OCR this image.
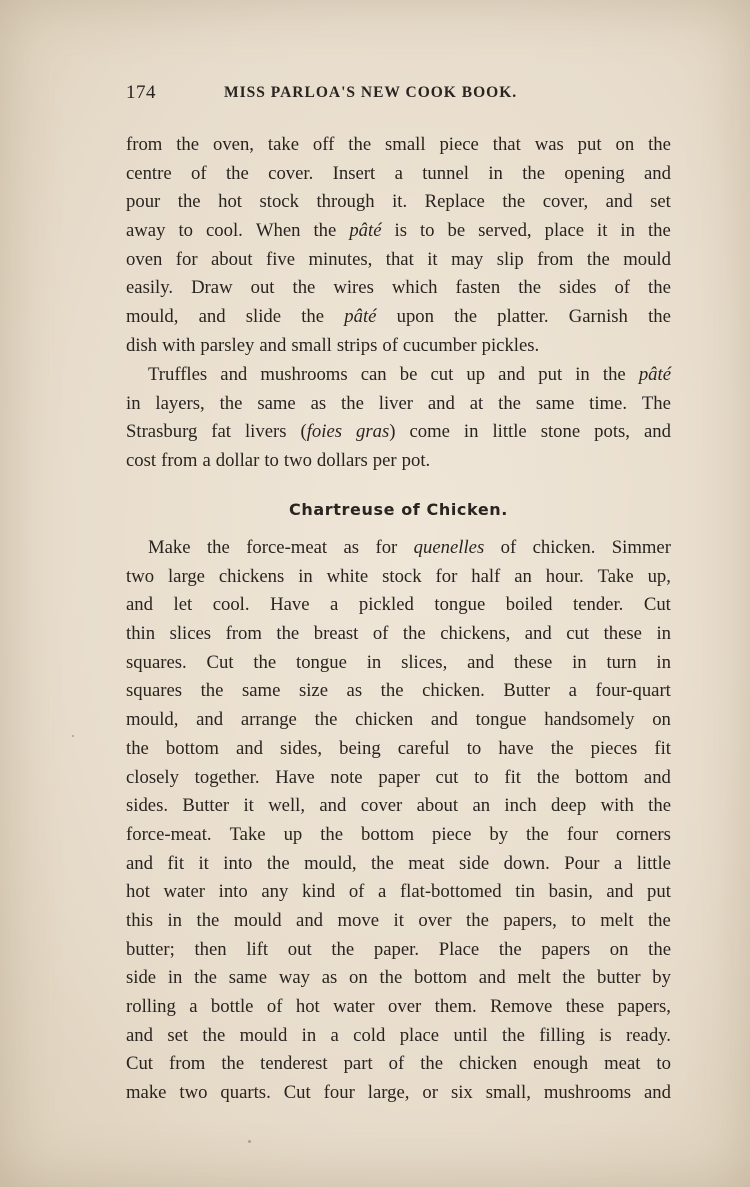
174	MISS PARLOA'S NEW COOK BOOK.
from the oven, take off the small piece that was put on the
centre of the cover. Insert a tunnel in the opening and
pour the hot stock through it. Replace the cover, and set
away to cool. When the pâté is to be served, place it in the
oven for about five minutes, that it may slip from the mould
easily. Draw out the wires which fasten the sides of the
mould, and slide the pâté upon the platter. Garnish the
dish with parsley and small strips of cucumber pickles.
Truffles and mushrooms can be cut up and put in the pâté
in layers, the same as the liver and at the same time. The
Strasburg fat livers (foies gras) come in little stone pots, and
cost from a dollar to two dollars per pot.
Chartreuse of Chicken.
Make the force-meat as for quenelles of chicken. Simmer
two large chickens in white stock for half an hour. Take up,
and let cool. Have a pickled tongue boiled tender. Cut
thin slices from the breast of the chickens, and cut these in
squares. Cut the tongue in slices, and these in turn in
squares the same size as the chicken. Butter a four-quart
mould, and arrange the chicken and tongue handsomely on
the bottom and sides, being careful to have the pieces fit
closely together. Have note paper cut to fit the bottom and
sides. Butter it well, and cover about an inch deep with the
force-meat. Take up the bottom piece by the four corners
and fit it into the mould, the meat side down. Pour a little
hot water into any kind of a flat-bottomed tin basin, and put
this in the mould and move it over the papers, to melt the
butter; then lift out the paper. Place the papers on the
side in the same way as on the bottom and melt the butter by
rolling a bottle of hot water over them. Remove these papers,
and set the mould in a cold place until the filling is ready.
Cut from the tenderest part of the chicken enough meat to
make two quarts. Cut four large, or six small, mushrooms and
